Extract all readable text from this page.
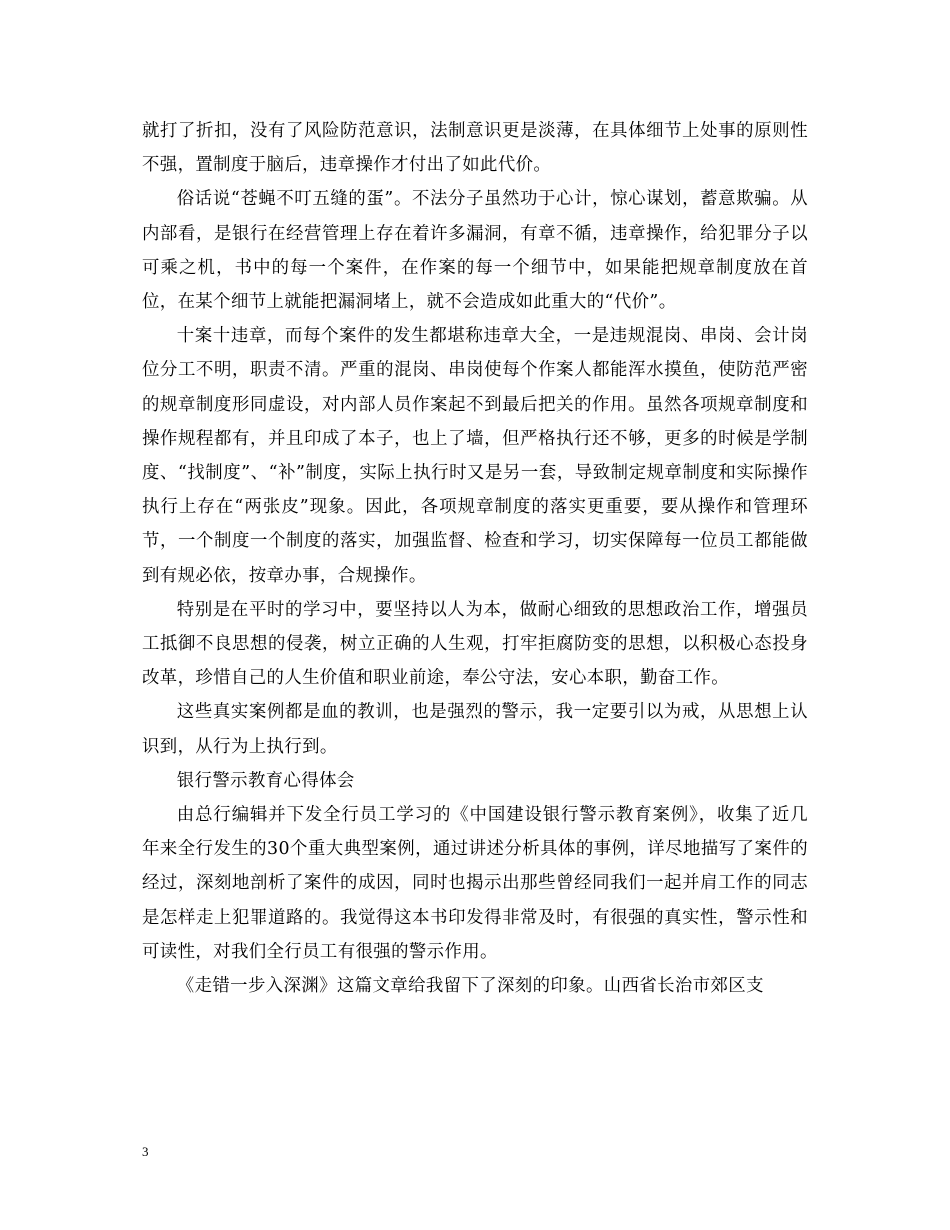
就打了折扣，没有了风险防范意识，法制意识更是淡薄，在具体细节上处事的原则性不强，置制度于脑后，违章操作才付出了如此代价。

俗话说“苍蝇不叮五缝的蛋”。不法分子虽然功于心计，惊心谋划，蓄意欺骗。从内部看，是银行在经营管理上存在着许多漏洞，有章不循，违章操作，给犯罪分子以可乘之机，书中的每一个案件，在作案的每一个细节中，如果能把规章制度放在首位，在某个细节上就能把漏洞堵上，就不会造成如此重大的“代价”。

十案十违章，而每个案件的发生都堪称违章大全，一是违规混岗、串岗、会计岗位分工不明，职责不清。严重的混岗、串岗使每个作案人都能浑水摸鱼，使防范严密的规章制度形同虚设，对内部人员作案起不到最后把关的作用。虽然各项规章制度和操作规程都有，并且印成了本子，也上了墙，但严格执行还不够，更多的时候是学制度、“找制度”、“补”制度，实际上执行时又是另一套，导致制定规章制度和实际操作执行上存在“两张皮”现象。因此，各项规章制度的落实更重要，要从操作和管理环节，一个制度一个制度的落实，加强监督、检查和学习，切实保障每一位员工都能做到有规必依，按章办事，合规操作。

特别是在平时的学习中，要坚持以人为本，做耐心细致的思想政治工作，增强员工抵御不良思想的侵袭，树立正确的人生观，打牢拒腐防变的思想，以积极心态投身改革，珍惜自己的人生价值和职业前途，奉公守法，安心本职，勤奋工作。

这些真实案例都是血的教训，也是强烈的警示，我一定要引以为戒，从思想上认识到，从行为上执行到。

银行警示教育心得体会

由总行编辑并下发全行员工学习的《中国建设银行警示教育案例》，收集了近几年来全行发生的30个重大典型案例，通过讲述分析具体的事例，详尽地描写了案件的经过，深刻地剖析了案件的成因，同时也揭示出那些曾经同我们一起并肩工作的同志是怎样走上犯罪道路的。我觉得这本书印发得非常及时，有很强的真实性，警示性和可读性，对我们全行员工有很强的警示作用。

《走错一步入深渊》这篇文章给我留下了深刻的印象。山西省长治市郊区支

3
